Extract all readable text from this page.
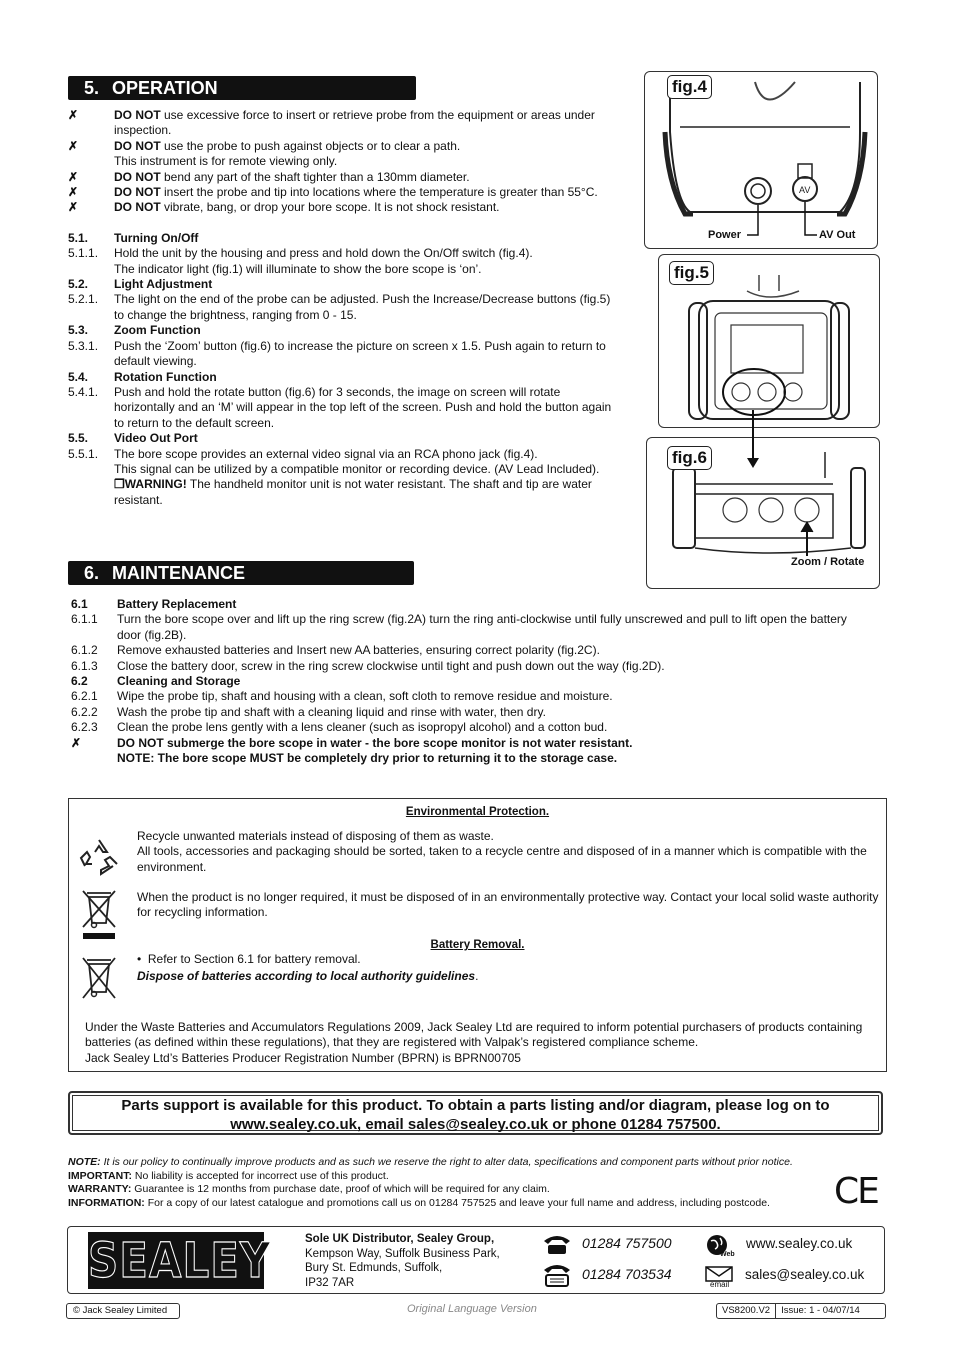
5. OPERATION
✗	DO NOT use excessive force to insert or retrieve probe from the equipment or areas under inspection.
✗	DO NOT use the probe to push against objects or to clear a path.
This instrument is for remote viewing only.
✗	DO NOT bend any part of the shaft tighter than a 130mm diameter.
✗	DO NOT insert the probe and tip into locations where the temperature is greater than 55°C.
✗	DO NOT vibrate, bang, or drop your bore scope. It is not shock resistant.
5.1.	Turning On/Off
5.1.1.	Hold the unit by the housing and press and hold down the On/Off switch (fig.4).
The indicator light (fig.1) will illuminate to show the bore scope is ‘on’.
5.2.	Light Adjustment
5.2.1.	The light on the end of the probe can be adjusted. Push the Increase/Decrease buttons (fig.5) to change the brightness, ranging from 0 - 15.
5.3.	Zoom Function
5.3.1.	Push the ‘Zoom’ button (fig.6) to increase the picture on screen x 1.5. Push again to return to default viewing.
5.4.	Rotation Function
5.4.1.	Push and hold the rotate button (fig.6) for 3 seconds, the image on screen will rotate horizontally and an ‘M’ will appear in the top left of the screen. Push and hold the button again to return to the default screen.
5.5.	Video Out Port
5.5.1.	The bore scope provides an external video signal via an RCA phono jack (fig.4).
This signal can be utilized by a compatible monitor or recording device. (AV Lead Included).
❒WARNING! The handheld monitor unit is not water resistant. The shaft and tip are water resistant.
AV
fig.4
Power	AV Out
fig.5
fig.6
Zoom / Rotate
6. MAINTENANCE
6.1	Battery Replacement
6.1.1	Turn the bore scope over and lift up the ring screw (fig.2A) turn the ring anti-clockwise until fully unscrewed and pull to lift open the battery door (fig.2B).
6.1.2	Remove exhausted batteries and Insert new AA batteries, ensuring correct polarity (fig.2C).
6.1.3	Close the battery door, screw in the ring screw clockwise until tight and push down out the way (fig.2D).
6.2	Cleaning and Storage
6.2.1	Wipe the probe tip, shaft and housing with a clean, soft cloth to remove residue and moisture.
6.2.2	Wash the probe tip and shaft with a cleaning liquid and rinse with water, then dry.
6.2.3	Clean the probe lens gently with a lens cleaner (such as isopropyl alcohol) and a cotton bud.
✗	DO NOT submerge the bore scope in water - the bore scope monitor is not water resistant.
NOTE: The bore scope MUST be completely dry prior to returning it to the storage case.
Environmental Protection.
Recycle unwanted materials instead of disposing of them as waste.
All tools, accessories and packaging should be sorted, taken to a recycle centre and disposed of in a manner which is compatible with the environment.
When the product is no longer required, it must be disposed of in an environmentally protective way. Contact your local solid waste authority for recycling information.
Battery Removal.
•  Refer to Section 6.1 for battery removal.
Dispose of batteries according to local authority guidelines.
Under the Waste Batteries and Accumulators Regulations 2009, Jack Sealey Ltd are required to inform potential purchasers of products containing batteries (as defined within these regulations), that they are registered with Valpak’s registered compliance scheme.
Jack Sealey Ltd’s Batteries Producer Registration Number (BPRN) is BPRN00705
Parts support is available for this product. To obtain a parts listing and/or diagram, please log on to
www.sealey.co.uk, email sales@sealey.co.uk or phone 01284 757500.
NOTE: It is our policy to continually improve products and as such we reserve the right to alter data, specifications and component parts without prior notice.
IMPORTANT: No liability is accepted for incorrect use of this product.
WARRANTY: Guarantee is 12 months from purchase date, proof of which will be required for any claim.
INFORMATION: For a copy of our latest catalogue and promotions call us on 01284 757525 and leave your full name and address, including postcode.	CE
SEALEY	Sole UK Distributor, Sealey Group,
Kempson Way, Suffolk Business Park,
Bury St. Edmunds, Suffolk,
IP32 7AR
01284 757500
01284 703534
Web
www.sealey.co.uk
email
sales@sealey.co.uk
© Jack Sealey Limited	Original Language Version	VS8200.V2 Issue: 1 - 04/07/14
